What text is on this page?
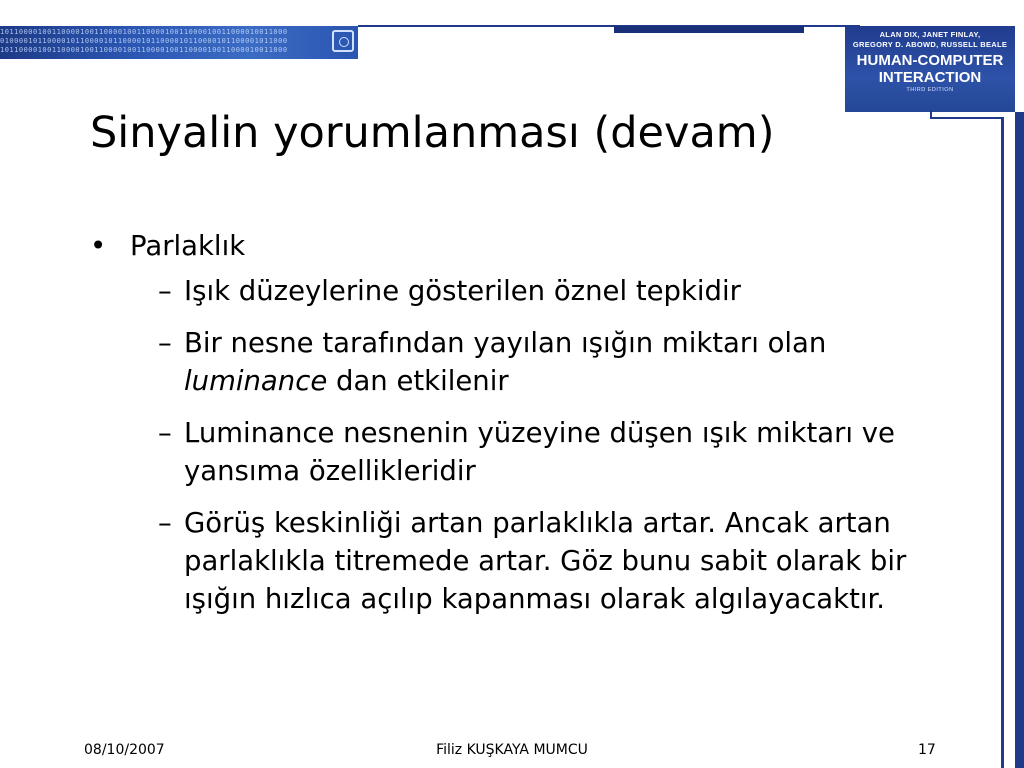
1011000010011000010011000010011000010011000010011000010011000
0100001011000010110000101100001011000010110000101100001011000
1011000010011000010011000010011000010011000010011000010011000
ALAN DIX, JANET FINLAY,
GREGORY D. ABOWD, RUSSELL BEALE
HUMAN-COMPUTER
INTERACTION
THIRD EDITION
Sinyalin yorumlanması (devam)

• Parlaklık

– Işık düzeylerine gösterilen öznel tepkidir

– Bir nesne tarafından yayılan ışığın miktarı olan luminance dan etkilenir

– Luminance nesnenin yüzeyine düşen ışık miktarı ve yansıma özellikleridir

– Görüş keskinliği artan parlaklıkla artar. Ancak artan parlaklıkla titremede artar. Göz bunu sabit olarak bir ışığın hızlıca açılıp kapanması olarak algılayacaktır.

08/10/2007	Filiz KUŞKAYA MUMCU	17
